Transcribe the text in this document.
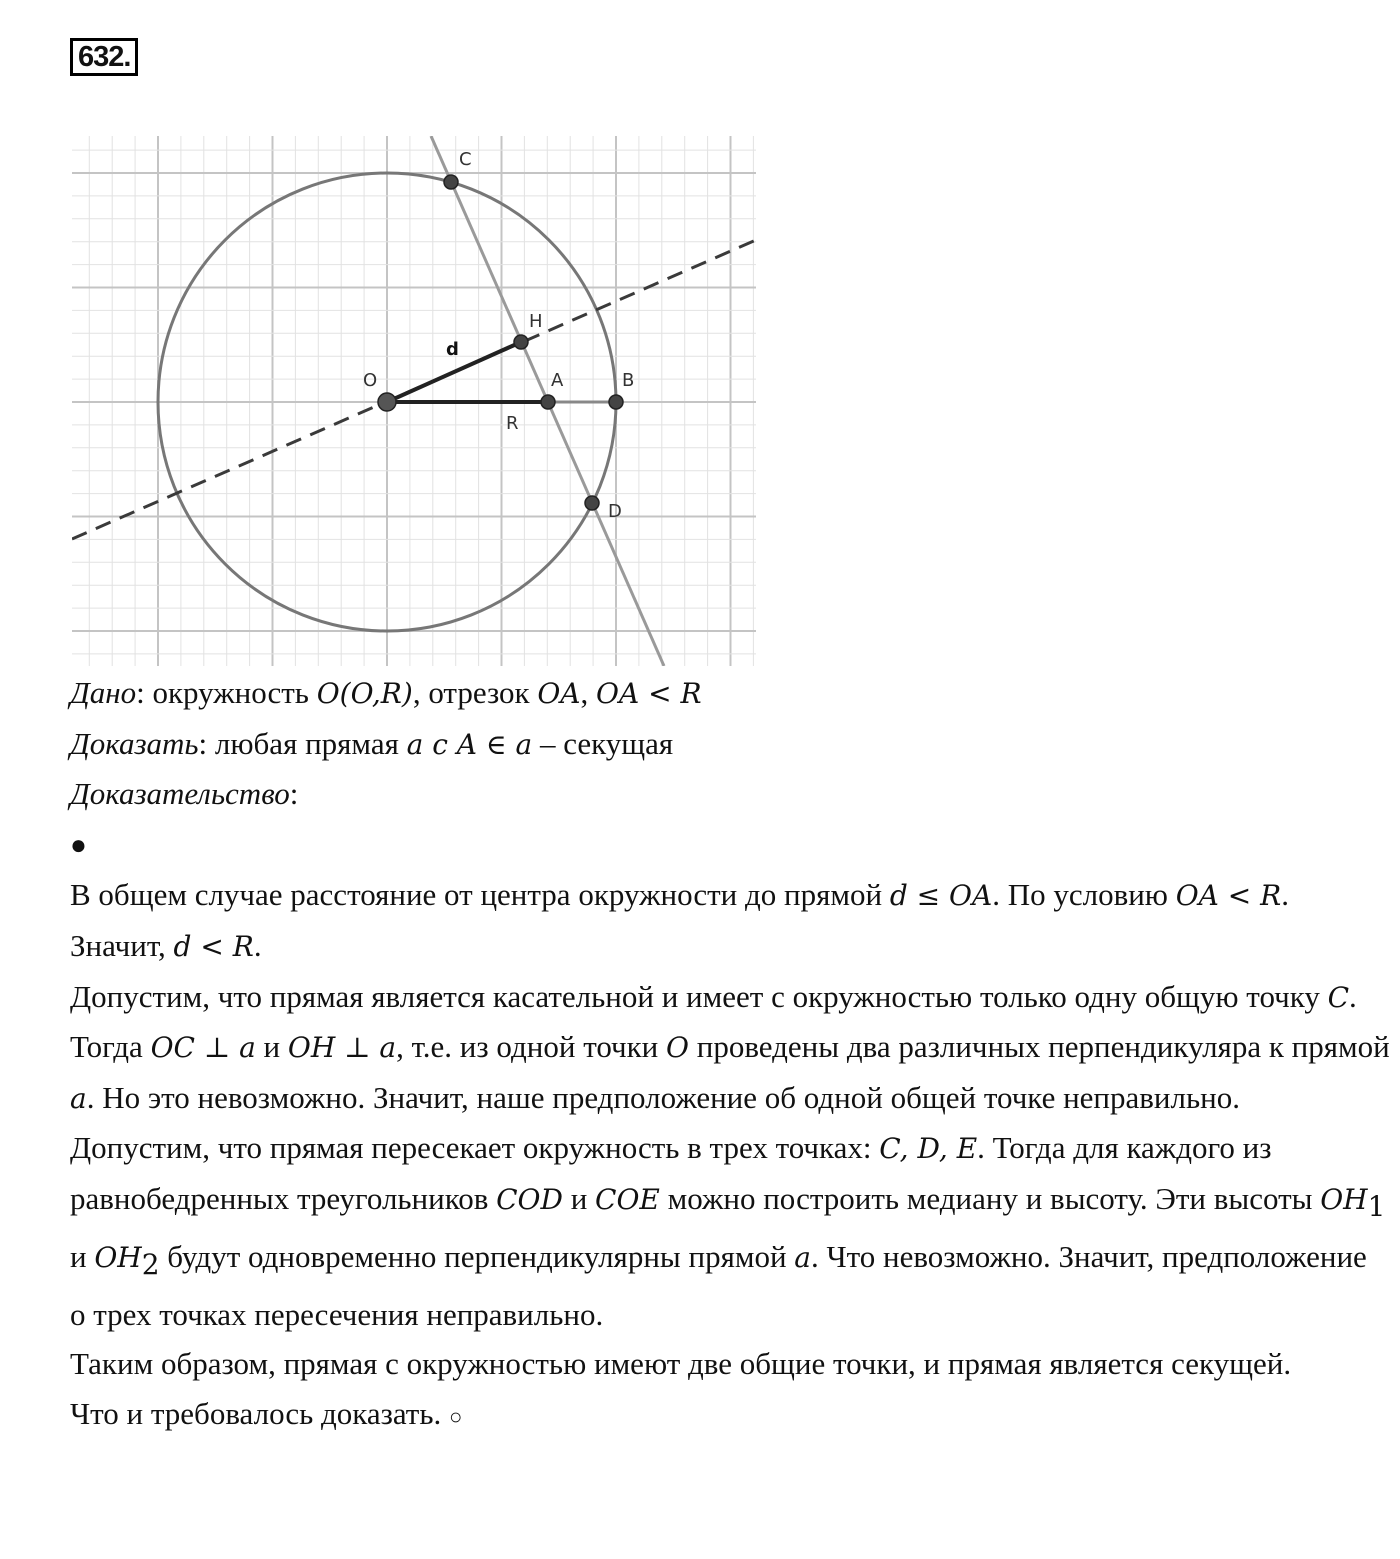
632.
C
H
d
O	A	B
R
D

Дано: окружность O(O,R), отрезок OA, OA < R

Доказать: любая прямая a c A ∈ a – секущая

Доказательство:

●

В общем случае расстояние от центра окружности до прямой d ≤ OA. По условию OA < R. Значит, d < R.

Допустим, что прямая является касательной и имеет с окружностью только одну общую точку C. Тогда OC ⊥ a и OH ⊥ a, т.е. из одной точки O проведены два различных перпендикуляра к прямой a. Но это невозможно. Значит, наше предположение об одной общей точке неправильно.

Допустим, что прямая пересекает окружность в трех точках: C, D, E. Тогда для каждого из равнобедренных треугольников COD и COE можно построить медиану и высоту. Эти высоты $OH_1$ и $OH_2$ будут одновременно перпендикулярны прямой a. Что невозможно. Значит, предположение о трех точках пересечения неправильно.

Таким образом, прямая с окружностью имеют две общие точки, и прямая является секущей.

Что и требовалось доказать. ○
